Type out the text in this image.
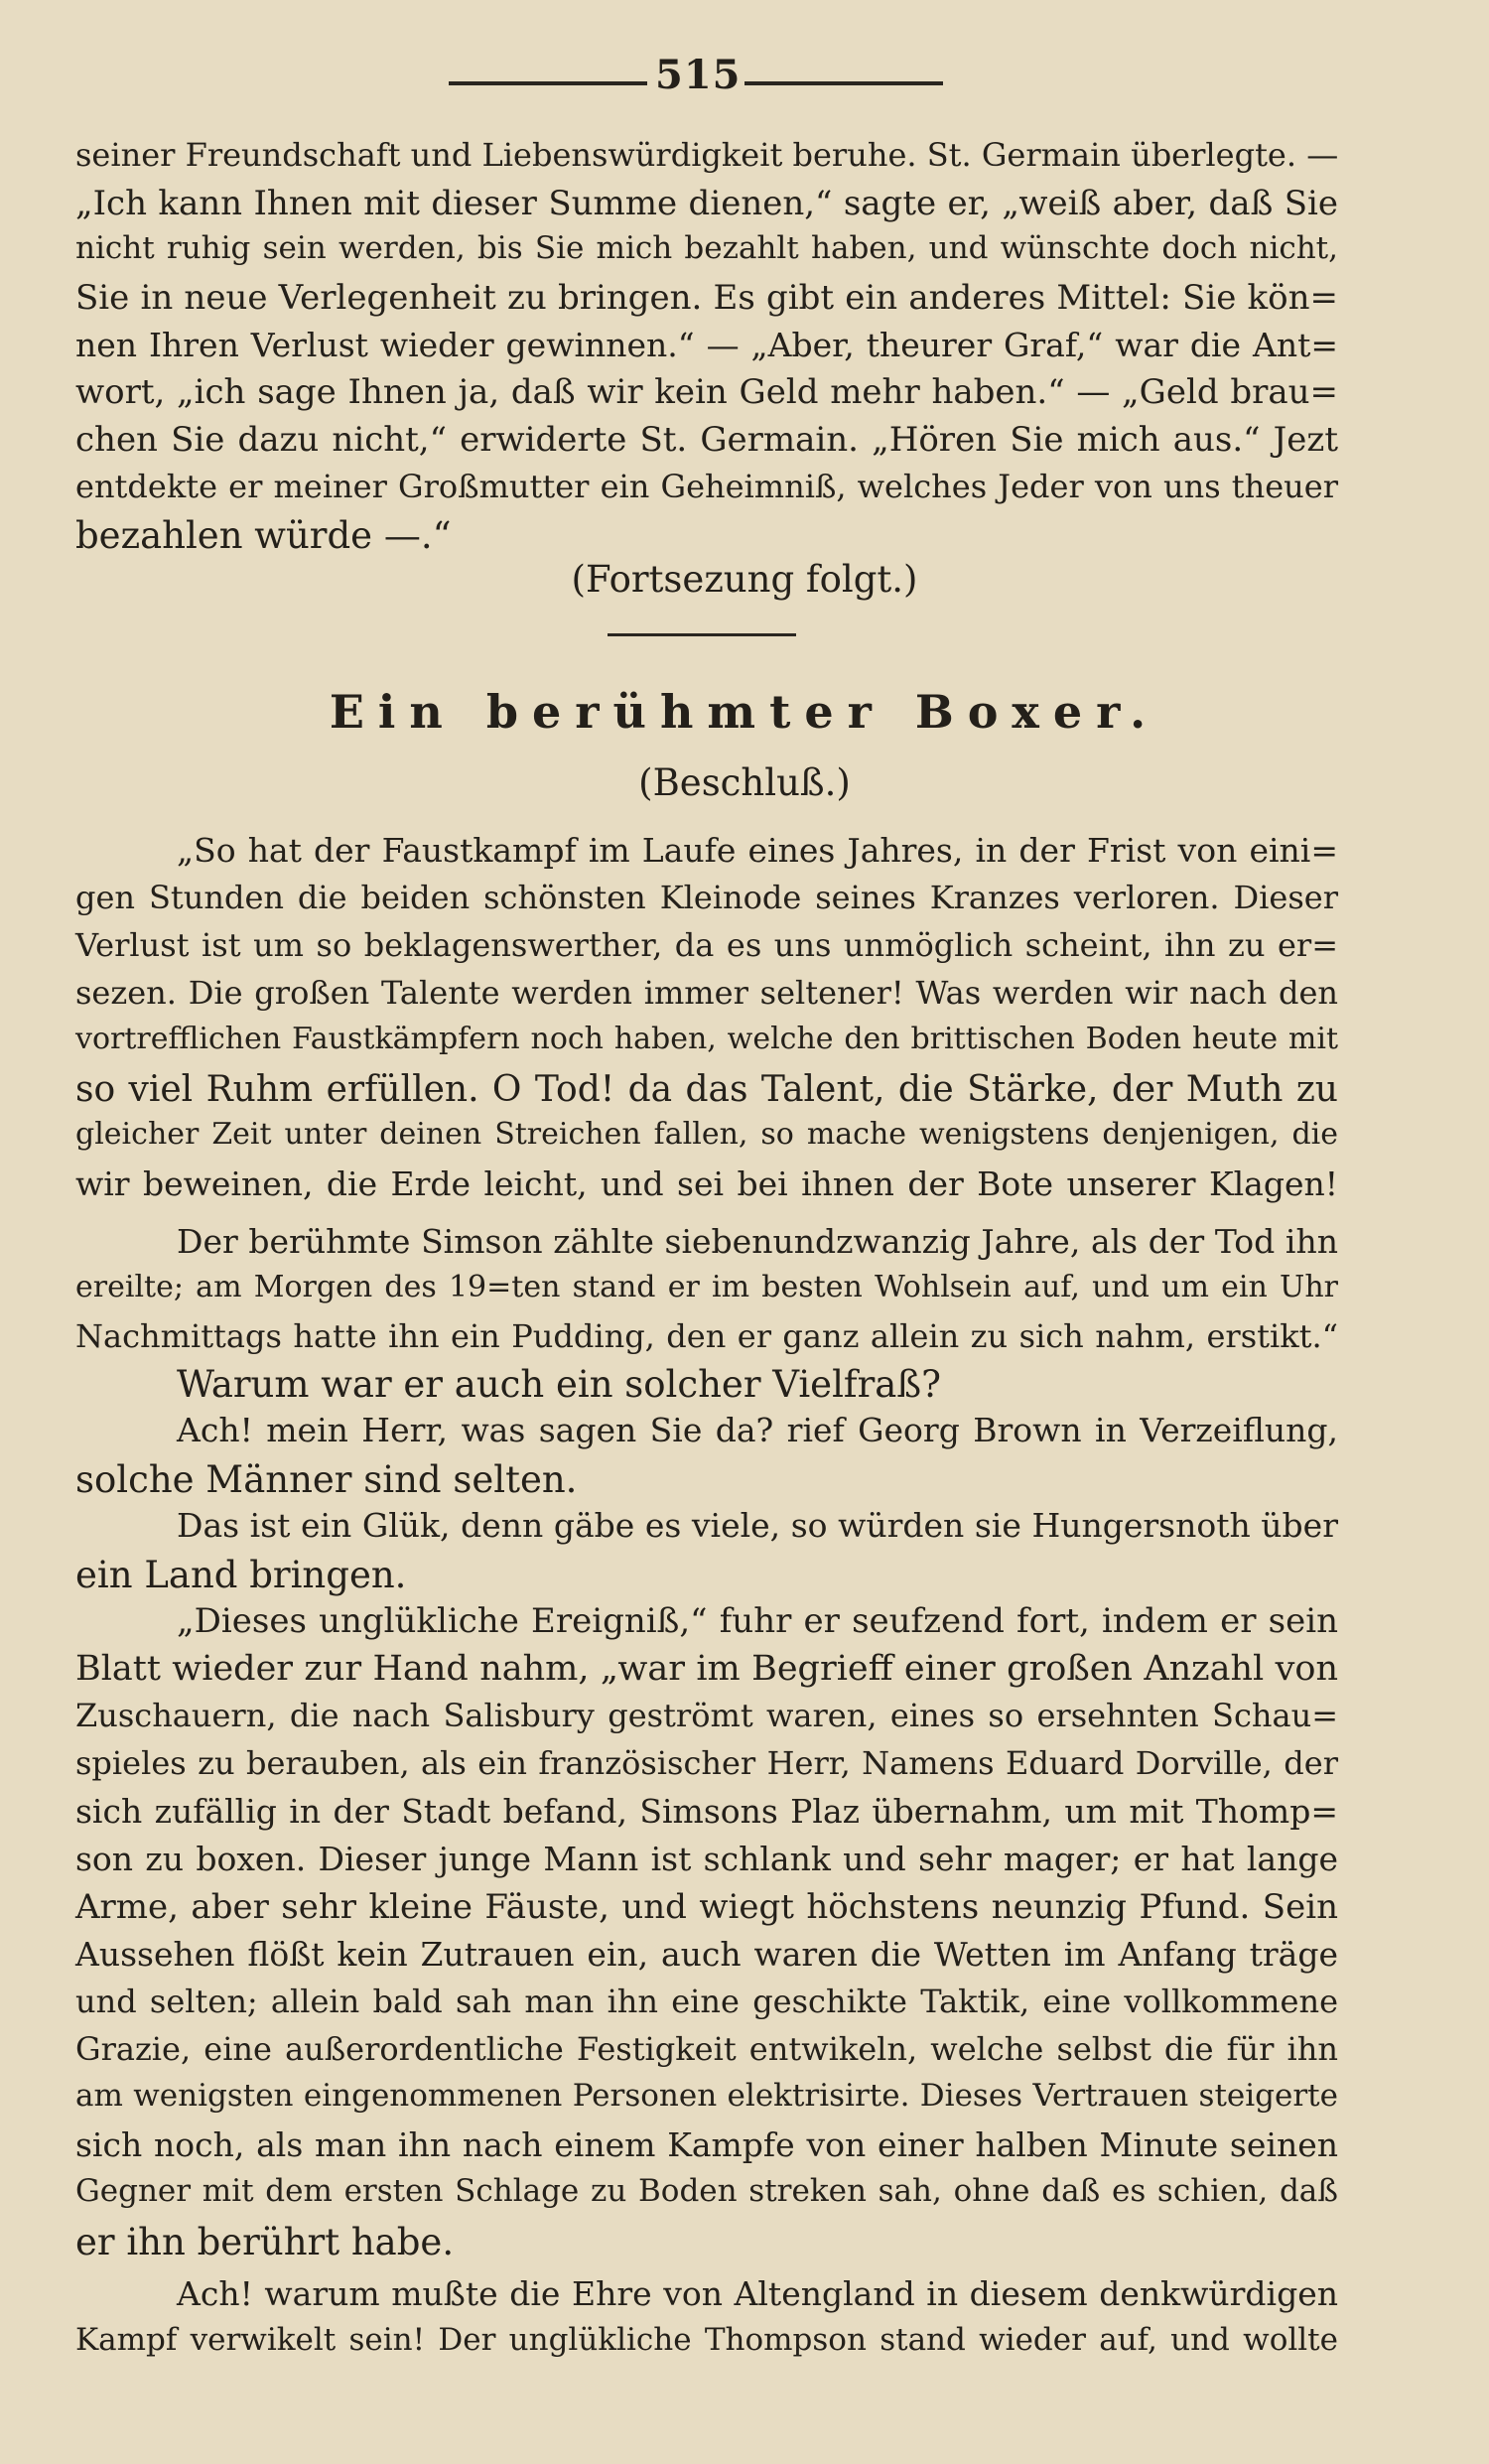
515
seiner Freundschaft und Liebenswürdigkeit beruhe. St. Germain überlegte. —
„Ich kann Ihnen mit dieser Summe dienen,“ sagte er, „weiß aber, daß Sie
nicht ruhig sein werden, bis Sie mich bezahlt haben, und wünschte doch nicht,
Sie in neue Verlegenheit zu bringen. Es gibt ein anderes Mittel: Sie kön=
nen Ihren Verlust wieder gewinnen.“ — „Aber, theurer Graf,“ war die Ant=
wort, „ich sage Ihnen ja, daß wir kein Geld mehr haben.“ — „Geld brau=
chen Sie dazu nicht,“ erwiderte St. Germain. „Hören Sie mich aus.“ Jezt
entdekte er meiner Großmutter ein Geheimniß, welches Jeder von uns theuer
bezahlen würde —.“
(Fortsezung folgt.)
Ein berühmter Boxer.
(Beschluß.)
„So hat der Faustkampf im Laufe eines Jahres, in der Frist von eini=
gen Stunden die beiden schönsten Kleinode seines Kranzes verloren. Dieser
Verlust ist um so beklagenswerther, da es uns unmöglich scheint, ihn zu er=
sezen. Die großen Talente werden immer seltener! Was werden wir nach den
vortrefflichen Faustkämpfern noch haben, welche den brittischen Boden heute mit
so viel Ruhm erfüllen. O Tod! da das Talent, die Stärke, der Muth zu
gleicher Zeit unter deinen Streichen fallen, so mache wenigstens denjenigen, die
wir beweinen, die Erde leicht, und sei bei ihnen der Bote unserer Klagen!
Der berühmte Simson zählte siebenundzwanzig Jahre, als der Tod ihn
ereilte; am Morgen des 19=ten stand er im besten Wohlsein auf, und um ein Uhr
Nachmittags hatte ihn ein Pudding, den er ganz allein zu sich nahm, erstikt.“
Warum war er auch ein solcher Vielfraß?
Ach! mein Herr, was sagen Sie da? rief Georg Brown in Verzeiflung,
solche Männer sind selten.
Das ist ein Glük, denn gäbe es viele, so würden sie Hungersnoth über
ein Land bringen.
„Dieses unglükliche Ereigniß,“ fuhr er seufzend fort, indem er sein
Blatt wieder zur Hand nahm, „war im Begrieff einer großen Anzahl von
Zuschauern, die nach Salisbury geströmt waren, eines so ersehnten Schau=
spieles zu berauben, als ein französischer Herr, Namens Eduard Dorville, der
sich zufällig in der Stadt befand, Simsons Plaz übernahm, um mit Thomp=
son zu boxen. Dieser junge Mann ist schlank und sehr mager; er hat lange
Arme, aber sehr kleine Fäuste, und wiegt höchstens neunzig Pfund. Sein
Aussehen flößt kein Zutrauen ein, auch waren die Wetten im Anfang träge
und selten; allein bald sah man ihn eine geschikte Taktik, eine vollkommene
Grazie, eine außerordentliche Festigkeit entwikeln, welche selbst die für ihn
am wenigsten eingenommenen Personen elektrisirte. Dieses Vertrauen steigerte
sich noch, als man ihn nach einem Kampfe von einer halben Minute seinen
Gegner mit dem ersten Schlage zu Boden streken sah, ohne daß es schien, daß
er ihn berührt habe.
Ach! warum mußte die Ehre von Altengland in diesem denkwürdigen
Kampf verwikelt sein! Der unglükliche Thompson stand wieder auf, und wollte
